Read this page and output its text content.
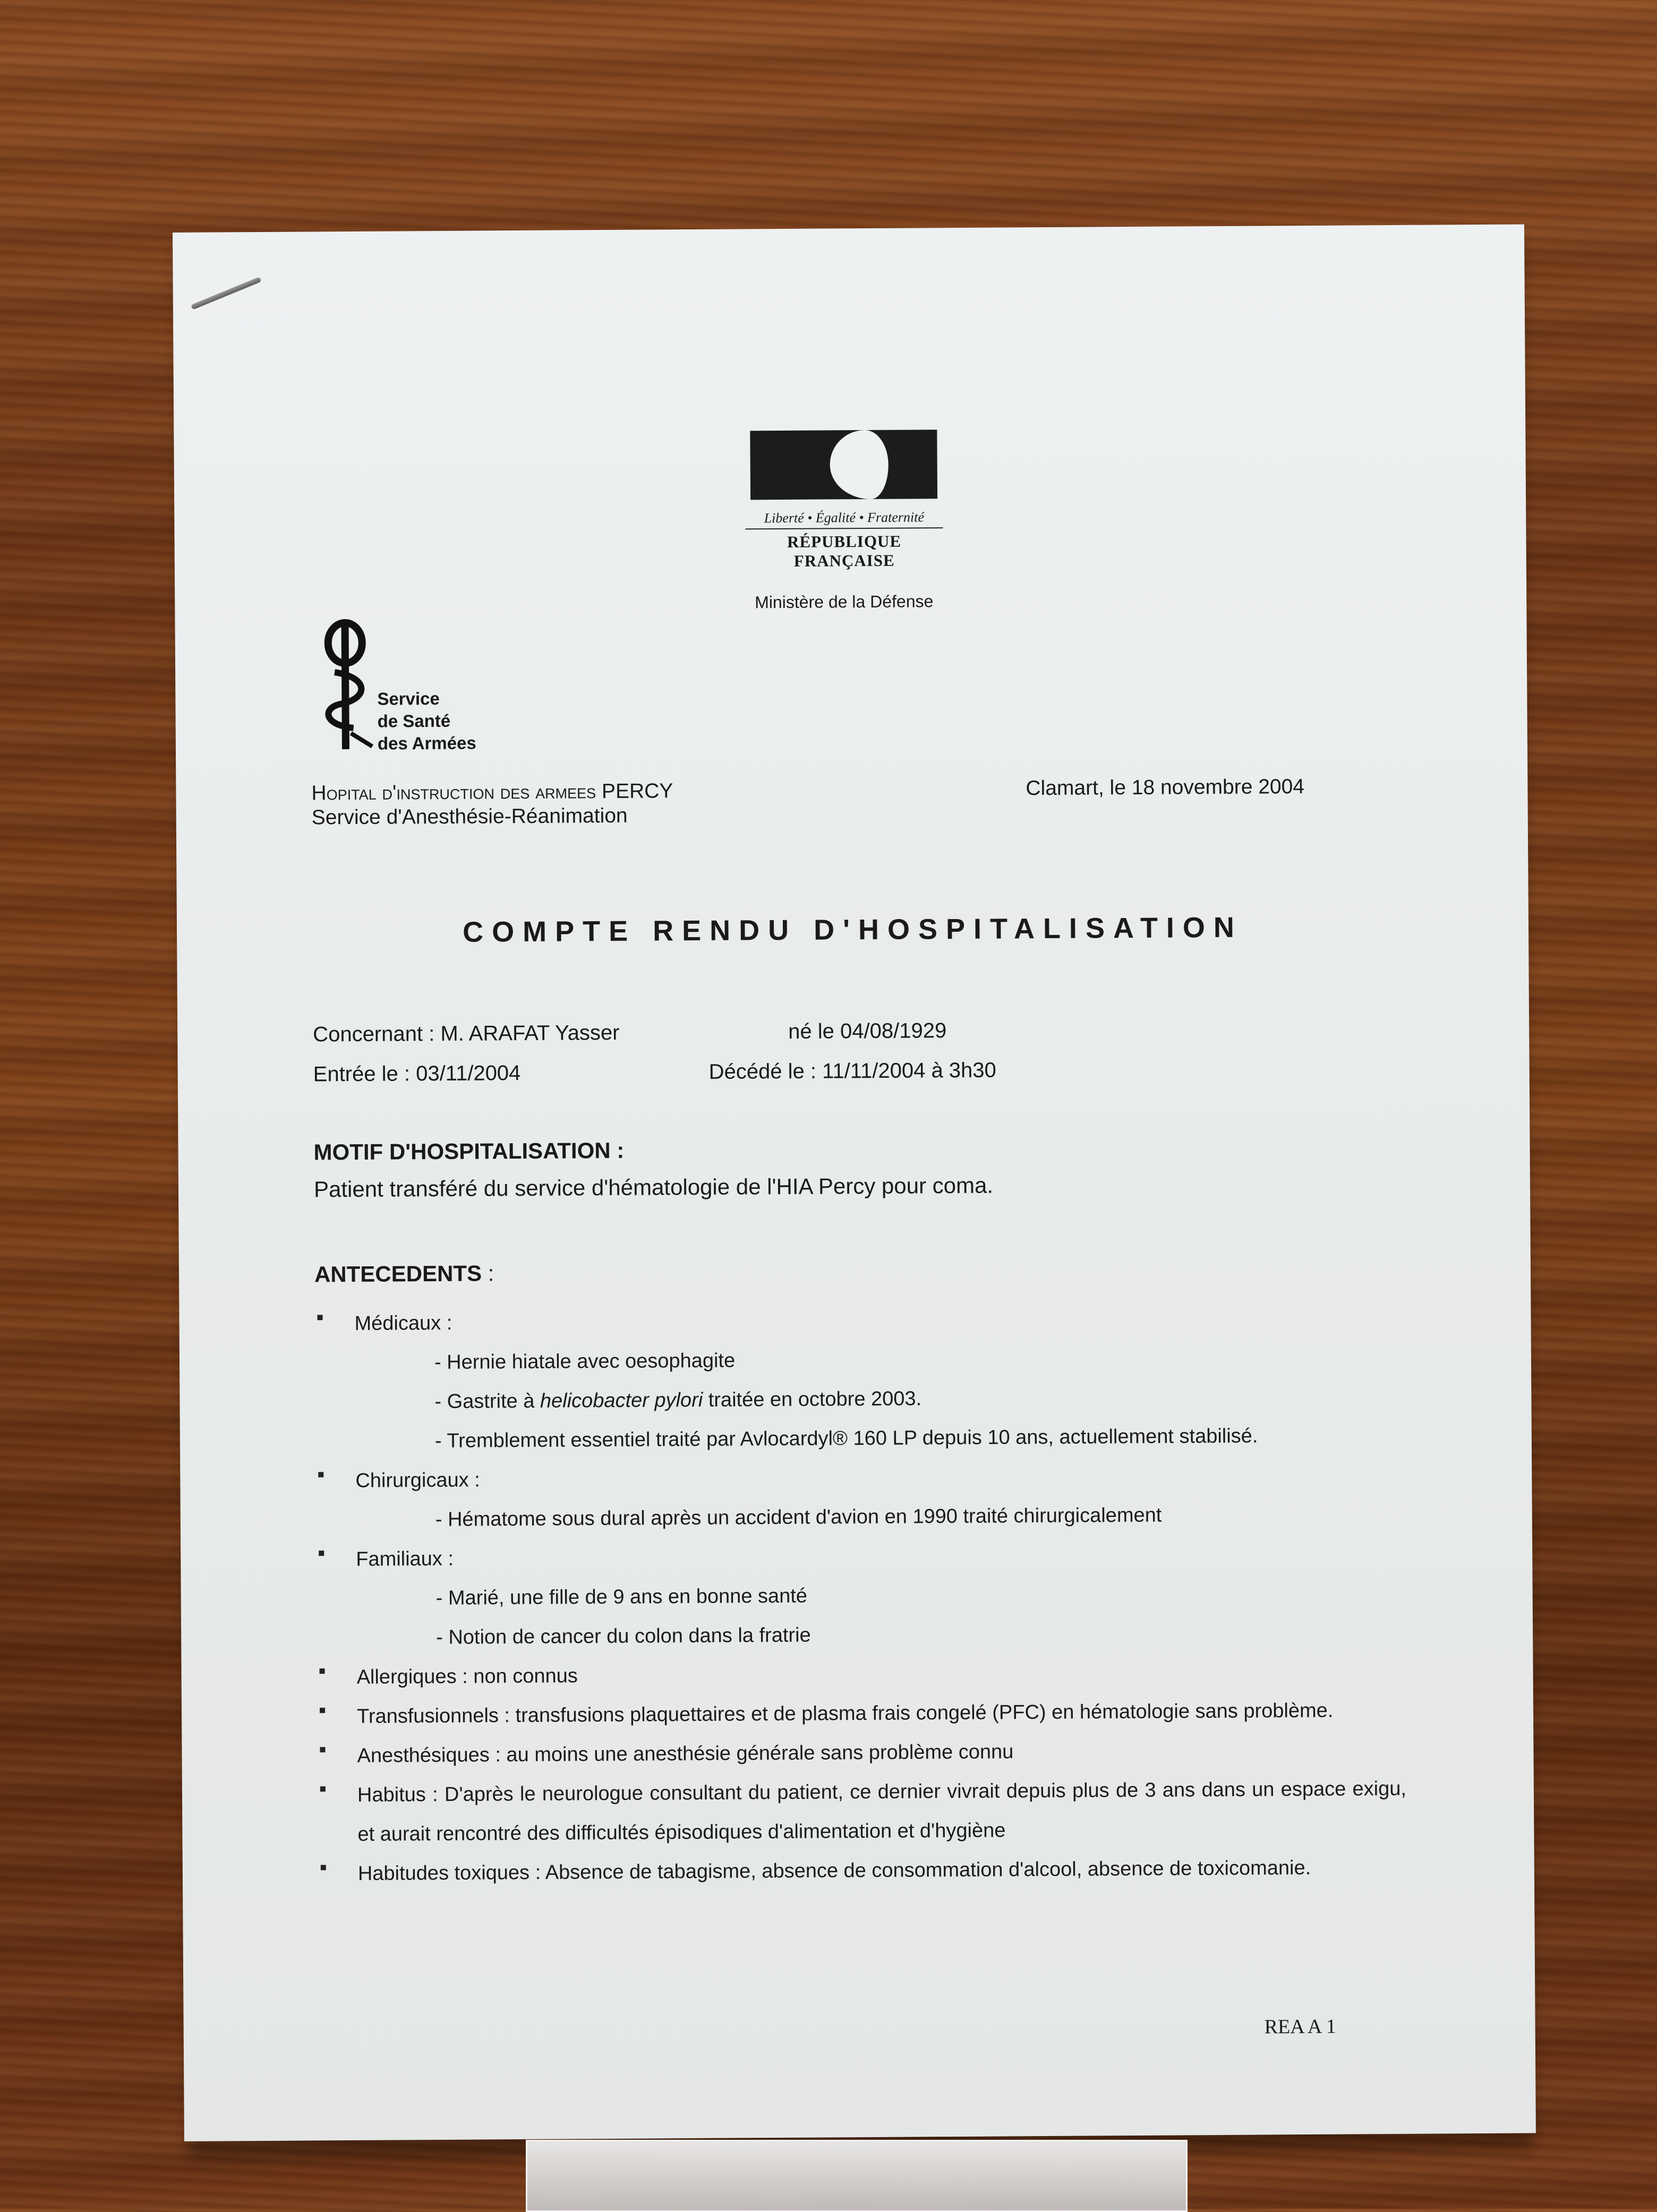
Liberté • Égalité • Fraternité
RÉPUBLIQUE FRANÇAISE
Ministère de la Défense
Service
de Santé
des Armées
Hopital d'instruction des armees PERCY
Service d'Anesthésie-Réanimation
Clamart, le 18 novembre 2004
COMPTE RENDU D'HOSPITALISATION
Concernant : M. ARAFAT Yasser	né le 04/08/1929
Entrée le : 03/11/2004	Décédé le : 11/11/2004 à 3h30
MOTIF D'HOSPITALISATION :
Patient transféré du service d'hématologie de l'HIA Percy pour coma.
ANTECEDENTS :
Médicaux :
- Hernie hiatale avec oesophagite
- Gastrite à helicobacter pylori traitée en octobre 2003.
- Tremblement essentiel traité par Avlocardyl® 160 LP depuis 10 ans, actuellement stabilisé.
Chirurgicaux :
- Hématome sous dural après un accident d'avion en 1990 traité chirurgicalement
Familiaux :
- Marié, une fille de 9 ans en bonne santé
- Notion de cancer du colon dans la fratrie
Allergiques : non connus
Transfusionnels : transfusions plaquettaires et de plasma frais congelé (PFC) en hématologie sans problème.
Anesthésiques : au moins une anesthésie générale sans problème connu
Habitus : D'après le neurologue consultant du patient, ce dernier vivrait depuis plus de 3 ans dans un espace exigu, et aurait rencontré des difficultés épisodiques d'alimentation et d'hygiène
Habitudes toxiques : Absence de tabagisme, absence de consommation d'alcool, absence de toxicomanie.
REA A 1
